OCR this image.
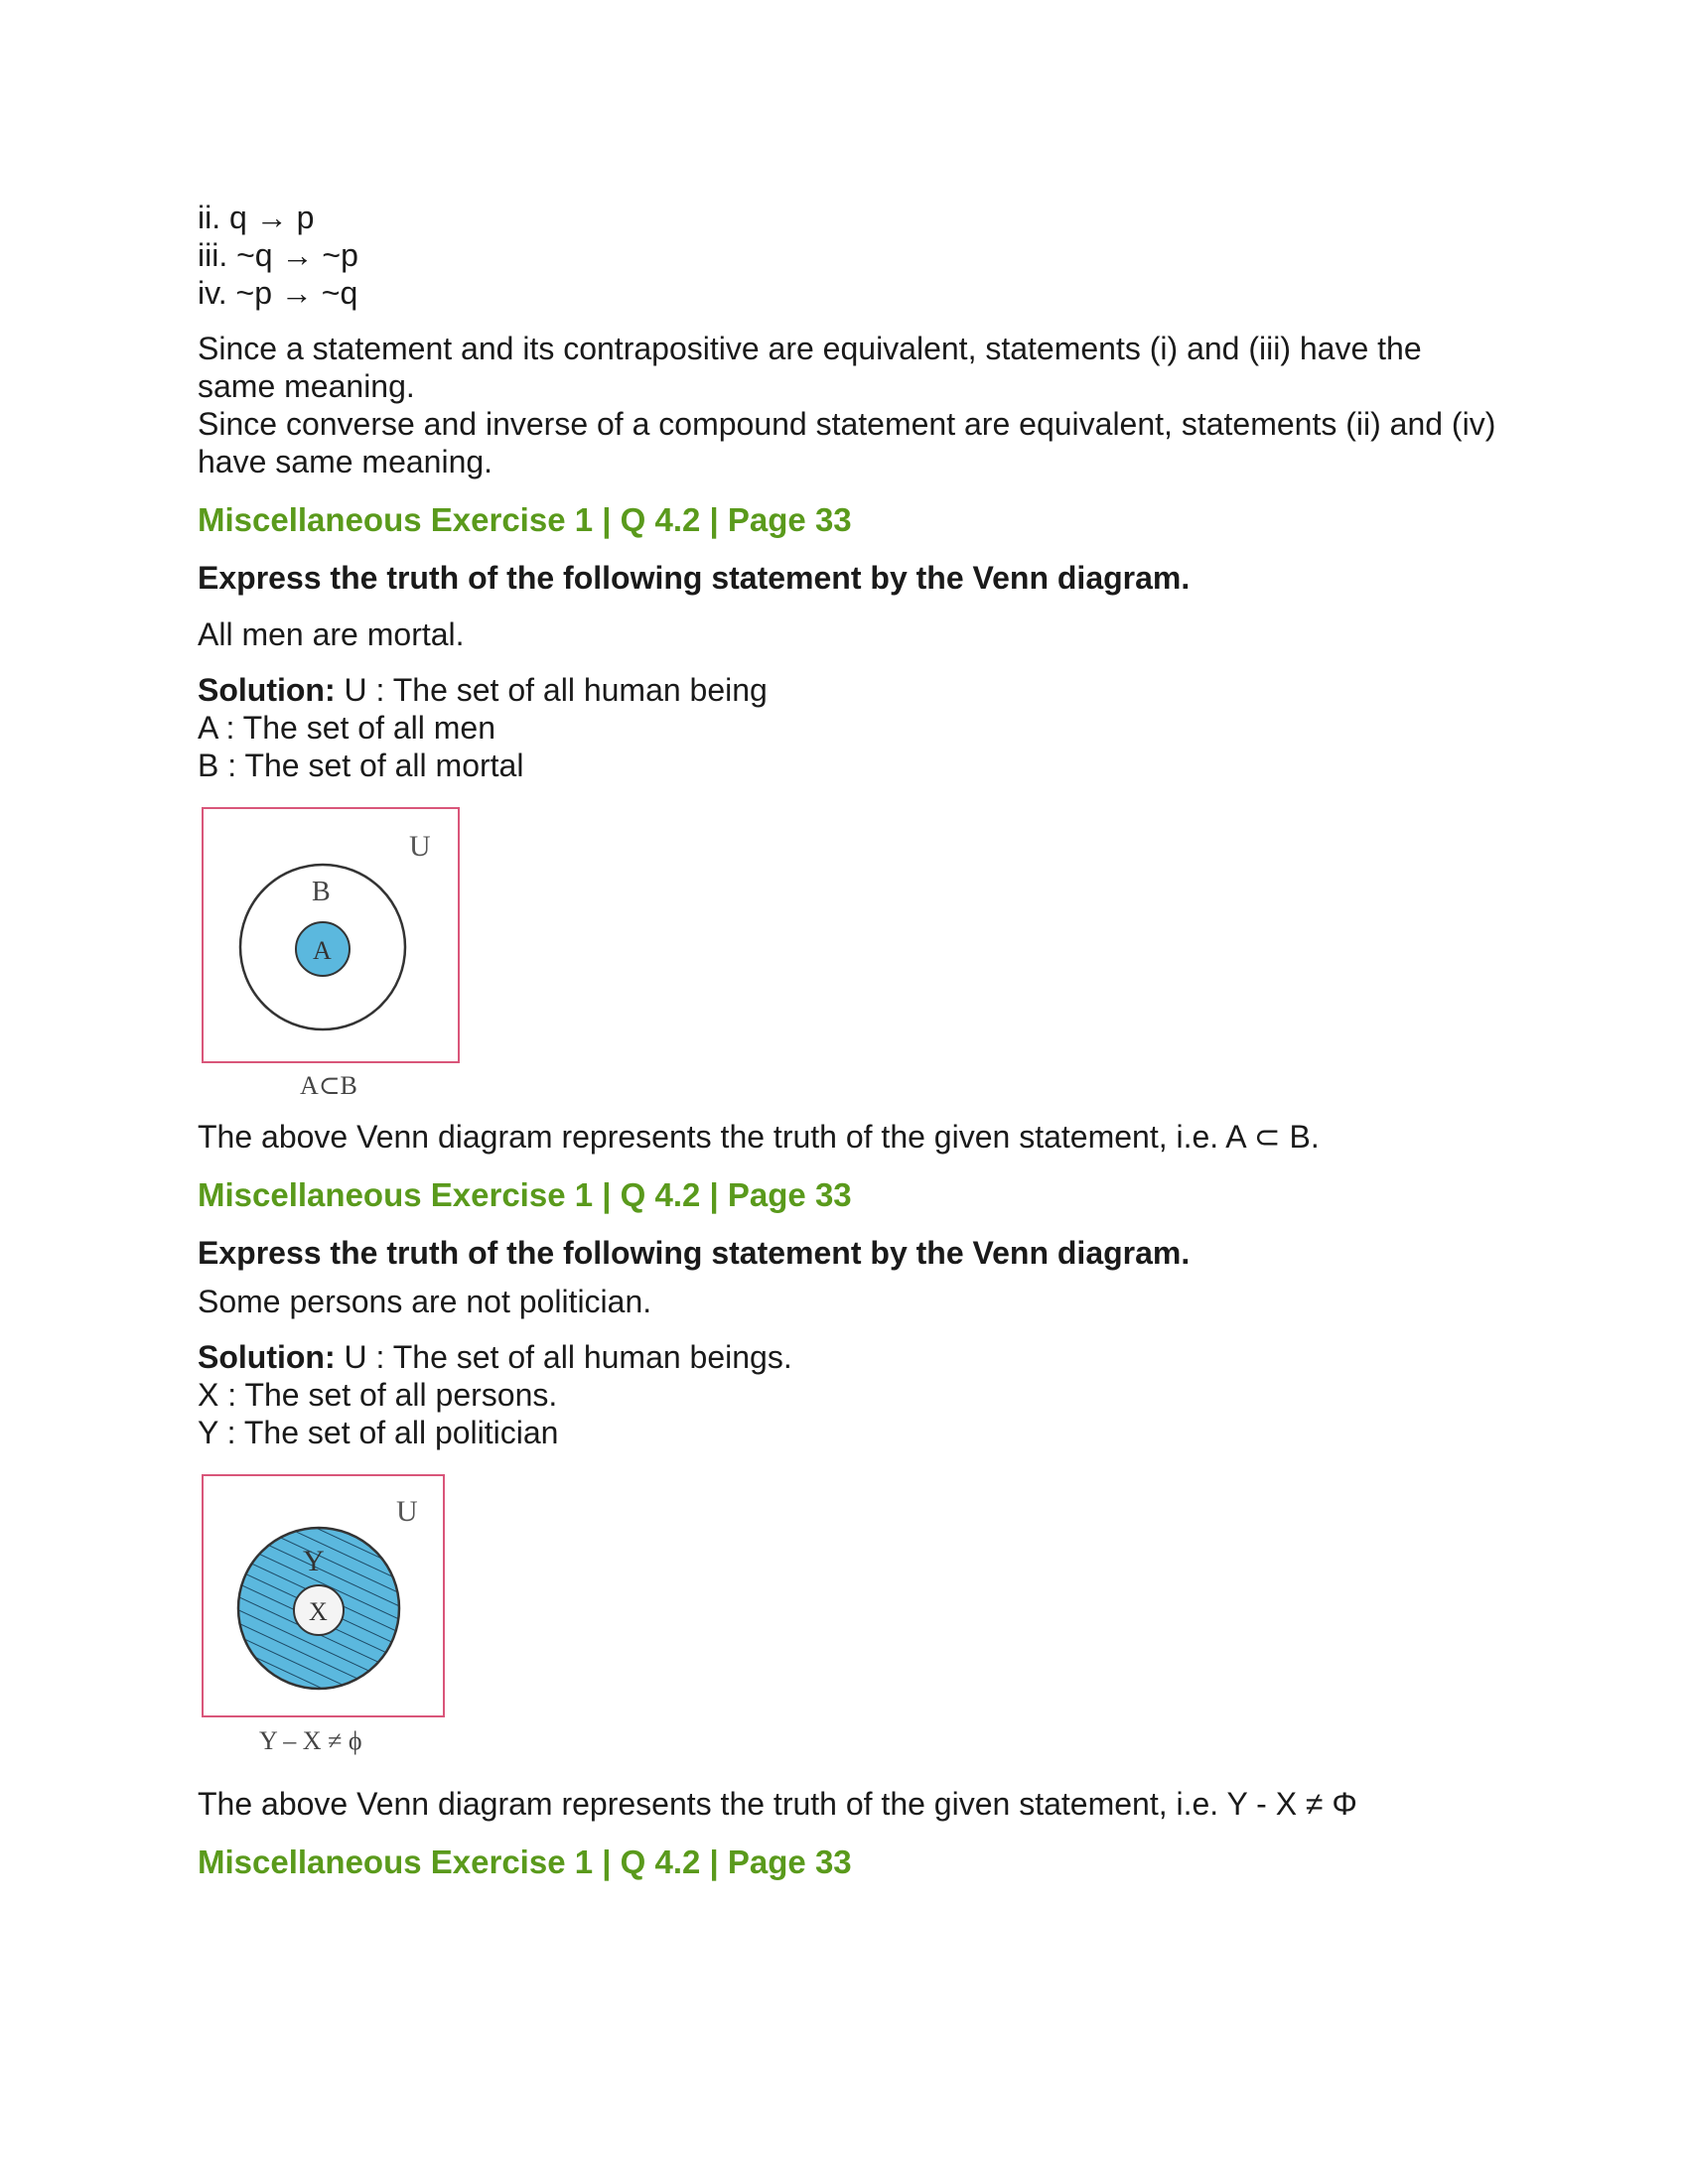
ii. q → p

iii. ~q → ~p

iv. ~p → ~q

Since a statement and its contrapositive are equivalent, statements (i) and (iii) have the same meaning.

Since converse and inverse of a compound statement are equivalent, statements (ii) and (iv) have same meaning.

Miscellaneous Exercise 1 | Q 4.2 | Page 33

Express the truth of the following statement by the Venn diagram.

All men are mortal.

Solution: U : The set of all human being

A : The set of all men

B : The set of all mortal

U
B
A
A⊂B

The above Venn diagram represents the truth of the given statement, i.e. A ⊂ B.

Miscellaneous Exercise 1 | Q 4.2 | Page 33

Express the truth of the following statement by the Venn diagram.

Some persons are not politician.

Solution: U : The set of all human beings.

X : The set of all persons.

Y : The set of all politician

U
Y
X
Y – X ≠ ϕ

The above Venn diagram represents the truth of the given statement, i.e. Y - X ≠ Φ

Miscellaneous Exercise 1 | Q 4.2 | Page 33
